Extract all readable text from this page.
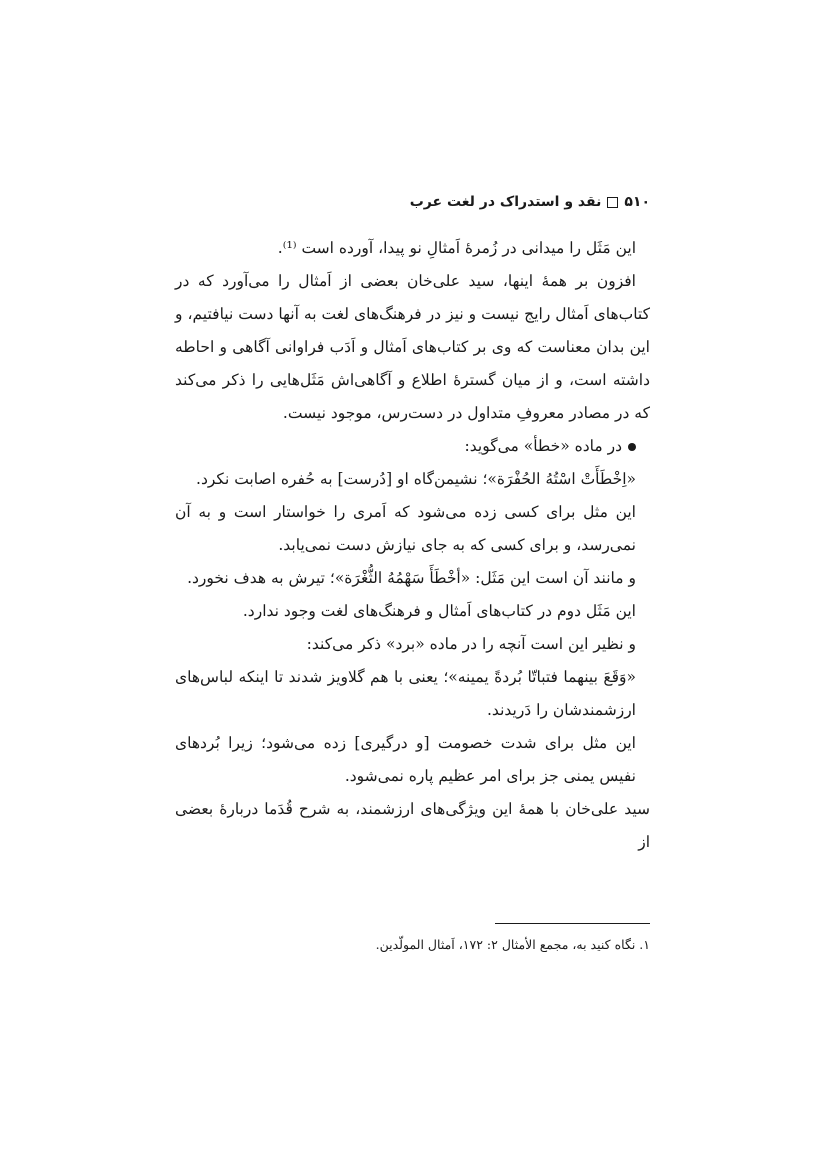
۵۱۰
نقد و استدراک در لغت عرب

این مَثَل را میدانی در زُمرهٔ اَمثالِ نو پیدا، آورده است ⁽¹⁾.

افزون بر همهٔ اینها، سید علی‌خان بعضی از اَمثال را می‌آورد که در کتاب‌های اَمثال رایج نیست و نیز در فرهنگ‌های لغت به آنها دست نیافتیم، و این بدان معناست که وی بر کتاب‌های اَمثال و اَدَب فراوانی آگاهی و احاطه داشته است، و از میان گسترهٔ اطلاع و آگاهی‌اش مَثَل‌هایی را ذکر می‌کند که در مصادر معروفِ متداول در دست‌رس، موجود نیست.

در ماده «خطأ» می‌گوید:

«اِخْطَأَتْ اسْتُهُ الحُفْرَة»؛ نشیمن‌گاه او [دُرست] به حُفره اصابت نکرد.

این مثل برای کسی زده می‌شود که اَمری را خواستار است و به آن نمی‌رسد، و برای کسی که به جای نیازش دست نمی‌یابد.

و مانند آن است این مَثَل: «أخْطَأَ سَهْمُهُ الثُّغْرَة»؛ تیرش به هدف نخورد.

این مَثَل دوم در کتاب‌های اَمثال و فرهنگ‌های لغت وجود ندارد.

و نظیر این است آنچه را در ماده «برد» ذکر می‌کند:

«وَقَعَ بینهما فتباتّا بُردةً یمینه»؛ یعنی با هم گلاویز شدند تا اینکه لباس‌های ارزشمندشان را دَریدند.

این مثل برای شدت خصومت [و درگیری] زده می‌شود؛ زیرا بُردهای نفیس یمنی جز برای امر عظیم پاره نمی‌شود.

سید علی‌خان با همهٔ این ویژگی‌های ارزشمند، به شرح قُدَما دربارهٔ بعضی از

۱. نگاه کنید به، مجمع الأمثال ۲: ۱۷۲، اَمثال المولّدین.
